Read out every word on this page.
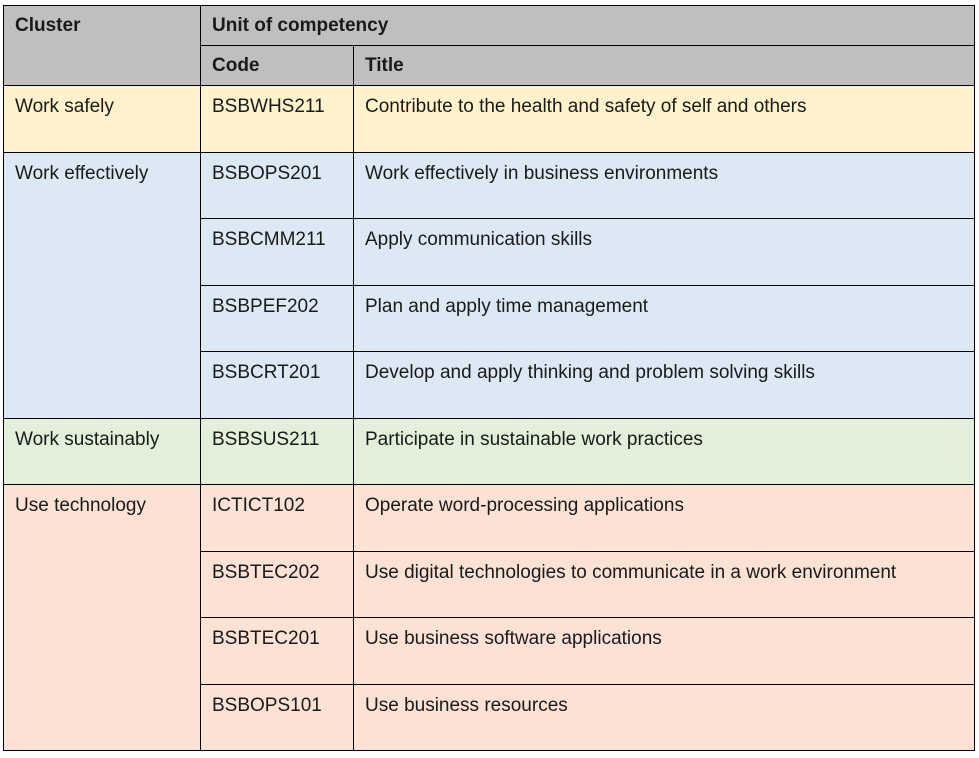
Cluster	Unit of competency	
	Code	Title
Work safely	BSBWHS211	Contribute to the health and safety of self and others
Work effectively	BSBOPS201	Work effectively in business environments
	BSBCMM211	Apply communication skills
	BSBPEF202	Plan and apply time management
	BSBCRT201	Develop and apply thinking and problem solving skills
Work sustainably	BSBSUS211	Participate in sustainable work practices
Use technology	ICTICT102	Operate word-processing applications
	BSBTEC202	Use digital technologies to communicate in a work environment
	BSBTEC201	Use business software applications
	BSBOPS101	Use business resources
